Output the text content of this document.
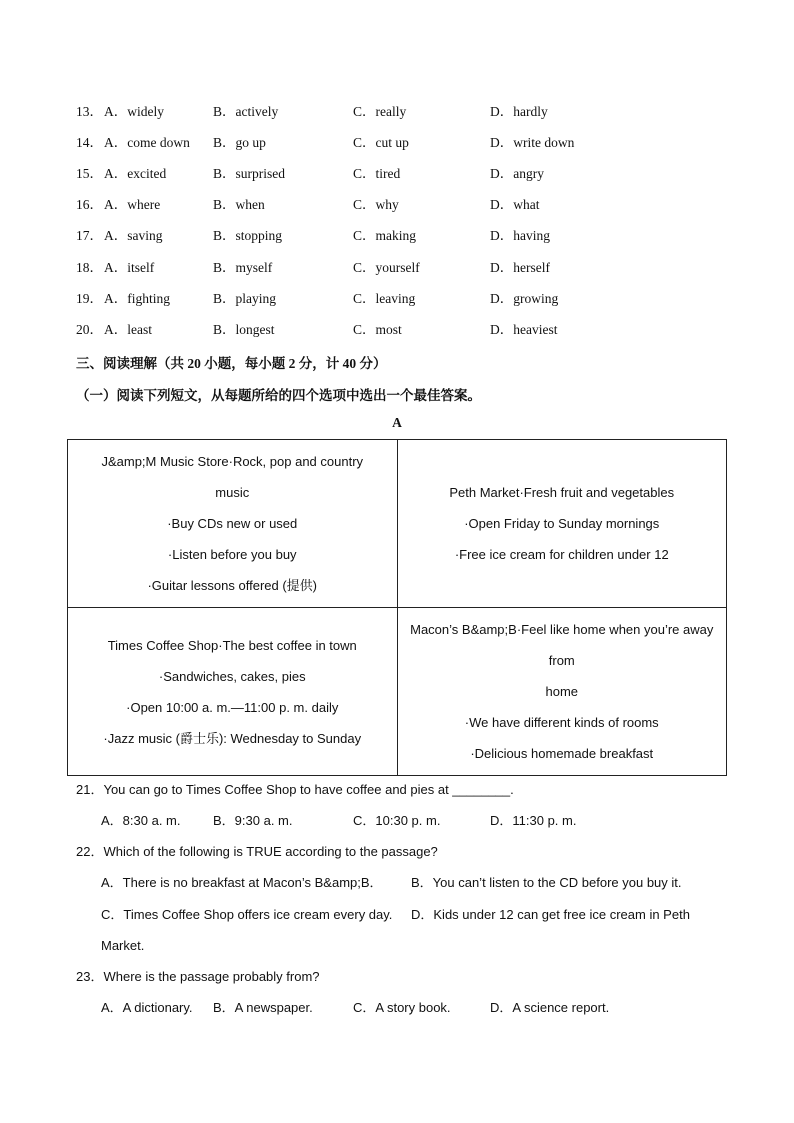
13． A．widely	B．actively	C．really	D．hardly
14． A．come down B．go up	C．cut up	D．write down
15． A．excited	B．surprised	C．tired	D．angry
16． A．where	B．when	C．why	D．what
17． A．saving	B．stopping	C．making	D．having
18． A．itself	B．myself	C．yourself	D．herself
19． A．fighting	B．playing	C．leaving	D．growing
20． A．least	B．longest	C．most	D．heaviest
三、阅读理解（共 20 小题，每小题 2 分，计 40 分）
（一）阅读下列短文，从每题所给的四个选项中选出一个最佳答案。
A
J&amp;M Music Store·Rock, pop and country
music
·Buy CDs new or used
·Listen before you buy
·Guitar lessons offered (提供)	Peth Market·Fresh fruit and vegetables
·Open Friday to Sunday mornings
·Free ice cream for children under 12

Times Coffee Shop·The best coffee in town
·Sandwiches, cakes, pies
·Open 10:00 a. m.—11:00 p. m. daily
·Jazz music (爵士乐): Wednesday to Sunday	Macon’s B&amp;B·Feel like home when you’re away from
home
·We have different kinds of rooms
·Delicious homemade breakfast
21．You can go to Times Coffee Shop to have coffee and pies at ________.
A．8:30 a. m.	B．9:30 a. m.	C．10:30 p. m.	D．11:30 p. m.
22．Which of the following is TRUE according to the passage?
A．There is no breakfast at Macon’s B&amp;B． B．You can’t listen to the CD before you buy it.
C．Times Coffee Shop offers ice cream every day. D．Kids under 12 can get free ice cream in Peth
Market.
23．Where is the passage probably from?
A．A dictionary. B．A newspaper.	C．A story book.	D．A science report.
